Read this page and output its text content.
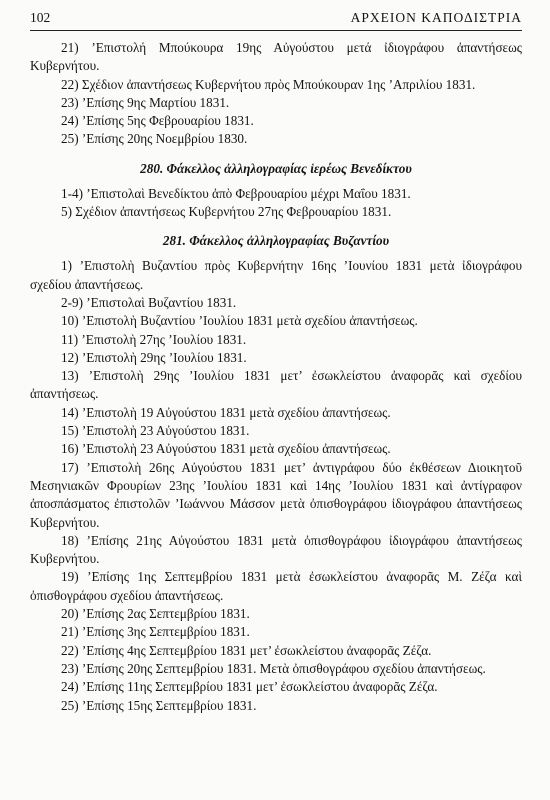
102	ΑΡΧΕΙΟΝ ΚΑΠΟΔΙΣΤΡΙΑ

21) ’Επιστολή Μπούκουρα 19ης Αὐγούστου μετά ἰδιογράφου ἀπαντήσεως Κυβερνήτου.

22) Σχέδιον ἀπαντήσεως Κυβερνήτου πρὸς Μπούκουραν 1ης ’Απριλίου 1831.

23) ’Επίσης 9ης Μαρτίου 1831.

24) ’Επίσης 5ης Φεβρουαρίου 1831.

25) ’Επίσης 20ης Νοεμβρίου 1830.

280. Φάκελλος ἀλληλογραφίας ἱερέως Βενεδίκτου

1-4) ’Επιστολαὶ Βενεδίκτου ἀπὸ Φεβρουαρίου μέχρι Μαΐου 1831.

5) Σχέδιον ἀπαντήσεως Κυβερνήτου 27ης Φεβρουαρίου 1831.

281. Φάκελλος ἀλληλογραφίας Βυζαντίου

1) ’Επιστολὴ Βυζαντίου πρὸς Κυβερνήτην 16ης ’Ιουνίου 1831 μετὰ ἰδιογράφου σχεδίου ἀπαντήσεως.

2-9) ’Επιστολαὶ Βυζαντίου 1831.

10) ’Επιστολὴ Βυζαντίου ’Ιουλίου 1831 μετὰ σχεδίου ἀπαντήσεως.

11) ’Επιστολὴ 27ης ’Ιουλίου 1831.

12) ’Επιστολὴ 29ης ’Ιουλίου 1831.

13) ’Επιστολὴ 29ης ’Ιουλίου 1831 μετ’ ἐσωκλείστου ἀναφορᾶς καὶ σχεδίου ἀπαντήσεως.

14) ’Επιστολὴ 19 Αὐγούστου 1831 μετὰ σχεδίου ἀπαντήσεως.

15) ’Επιστολὴ 23 Αὐγούστου 1831.

16) ’Επιστολὴ 23 Αὐγούστου 1831 μετὰ σχεδίου ἀπαντήσεως.

17) ’Επιστολὴ 26ης Αὐγούστου 1831 μετ’ ἀντιγράφου δύο ἐκθέσεων Διοικητοῦ Μεσηνιακῶν Φρουρίων 23ης ’Ιουλίου 1831 καὶ 14ης ’Ιουλίου 1831 καὶ ἀντίγραφον ἀποσπάσματος ἐπιστολῶν ’Ιωάννου Μάσσον μετὰ ὀπισθογράφου ἰδιογράφου ἀπαντήσεως Κυβερνήτου.

18) ’Επίσης 21ης Αὐγούστου 1831 μετὰ ὀπισθογράφου ἰδιογράφου ἀπαντήσεως Κυβερνήτου.

19) ’Επίσης 1ης Σεπτεμβρίου 1831 μετὰ ἐσωκλείστου ἀναφορᾶς Μ. Ζέζα καὶ ὀπισθογράφου σχεδίου ἀπαντήσεως.

20) ’Επίσης 2ας Σεπτεμβρίου 1831.

21) ’Επίσης 3ης Σεπτεμβρίου 1831.

22) ’Επίσης 4ης Σεπτεμβρίου 1831 μετ’ ἐσωκλείστου ἀναφορᾶς Ζέζα.

23) ’Επίσης 20ης Σεπτεμβρίου 1831. Μετὰ ὀπισθογράφου σχεδίου ἀπαντήσεως.

24) ’Επίσης 11ης Σεπτεμβρίου 1831 μετ’ ἐσωκλείστου ἀναφορᾶς Ζέζα.

25) ’Επίσης 15ης Σεπτεμβρίου 1831.
